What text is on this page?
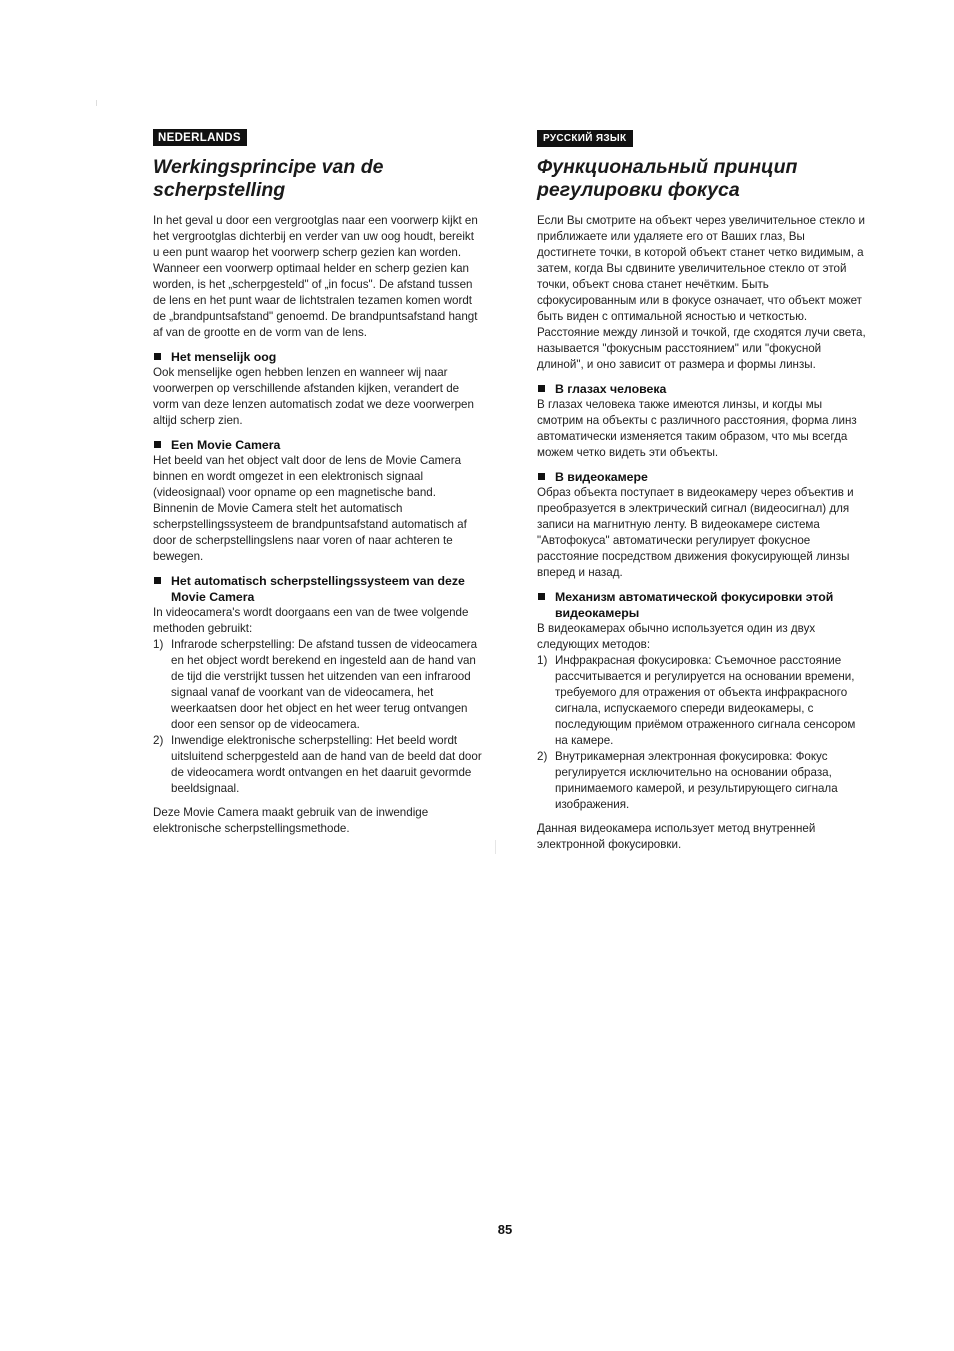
NEDERLANDS
Werkingsprincipe van de scherpstelling

In het geval u door een vergrootglas naar een voorwerp kijkt en het vergrootglas dichterbij en verder van uw oog houdt, bereikt u een punt waarop het voorwerp scherp gezien kan worden. Wanneer een voorwerp optimaal helder en scherp gezien kan worden, is het „scherpgesteld" of „in focus". De afstand tussen de lens en het punt waar de lichtstralen tezamen komen wordt de „brandpuntsafstand" genoemd. De brandpuntsafstand hangt af van de grootte en de vorm van de lens.

Het menselijk oog

Ook menselijke ogen hebben lenzen en wanneer wij naar voorwerpen op verschillende afstanden kijken, verandert de vorm van deze lenzen automatisch zodat we deze voorwerpen altijd scherp zien.

Een Movie Camera

Het beeld van het object valt door de lens de Movie Camera binnen en wordt omgezet in een elektronisch signaal (videosignaal) voor opname op een magnetische band. Binnenin de Movie Camera stelt het automatisch scherpstellingssysteem de brandpuntsafstand automatisch af door de scherpstellingslens naar voren of naar achteren te bewegen.

Het automatisch scherpstellingssysteem van deze Movie Camera

In videocamera's wordt doorgaans een van de twee volgende methoden gebruikt:

1) Infrarode scherpstelling: De afstand tussen de videocamera en het object wordt berekend en ingesteld aan de hand van de tijd die verstrijkt tussen het uitzenden van een infrarood signaal vanaf de voorkant van de videocamera, het weerkaatsen door het object en het weer terug ontvangen door een sensor op de videocamera.
2) Inwendige elektronische scherpstelling: Het beeld wordt uitsluitend scherpgesteld aan de hand van de beeld dat door de videocamera wordt ontvangen en het daaruit gevormde beeldsignaal.

Deze Movie Camera maakt gebruik van de inwendige elektronische scherpstellingsmethode.

РУССКИЙ ЯЗЫК
Функциональный принцип регулировки фокуса

Если Вы смотрите на объект через увеличительное стекло и приближаете или удаляете его от Ваших глаз, Вы достигнете точки, в которой объект станет четко видимым, а затем, когда Вы сдвините увеличительное стекло от этой точки, объект снова станет нечётким. Быть сфокусированным или в фокусе означает, что объект может быть виден с оптимальной ясностью и четкостью. Расстояние между линзой и точкой, где сходятся лучи света, называется "фокусным расстоянием" или "фокусной длиной", и оно зависит от размера и формы линзы.

В глазах человека

В глазах человека также имеются линзы, и когды мы смотрим на объекты с различного расстояния, форма линз автоматически изменяется таким образом, что мы всегда можем четко видеть эти объекты.

В видеокамере

Образ объекта поступает в видеокамеру через объектив и преобразуется в электрический сигнал (видеосигнал) для записи на магнитную ленту. В видеокамере система "Автофокуса" автоматически регулирует фокусное расстояние посредством движения фокусирующей линзы вперед и назад.

Механизм автоматической фокусировки этой видеокамеры

В видеокамерах обычно используется один из двух следующих методов:

1) Инфракрасная фокусировка: Съемочное расстояние рассчитывается и регулируется на основании времени, требуемого для отражения от объекта инфракрасного сигнала, испускаемого спереди видеокамеры, с последующим приёмом отраженного сигнала сенсором на камере.
2) Внутрикамерная электронная фокусировка: Фокус регулируется исключительно на основании образа, принимаемого камерой, и результирующего сигнала изображения.

Данная видеокамера использует метод внутренней электронной фокусировки.

85
